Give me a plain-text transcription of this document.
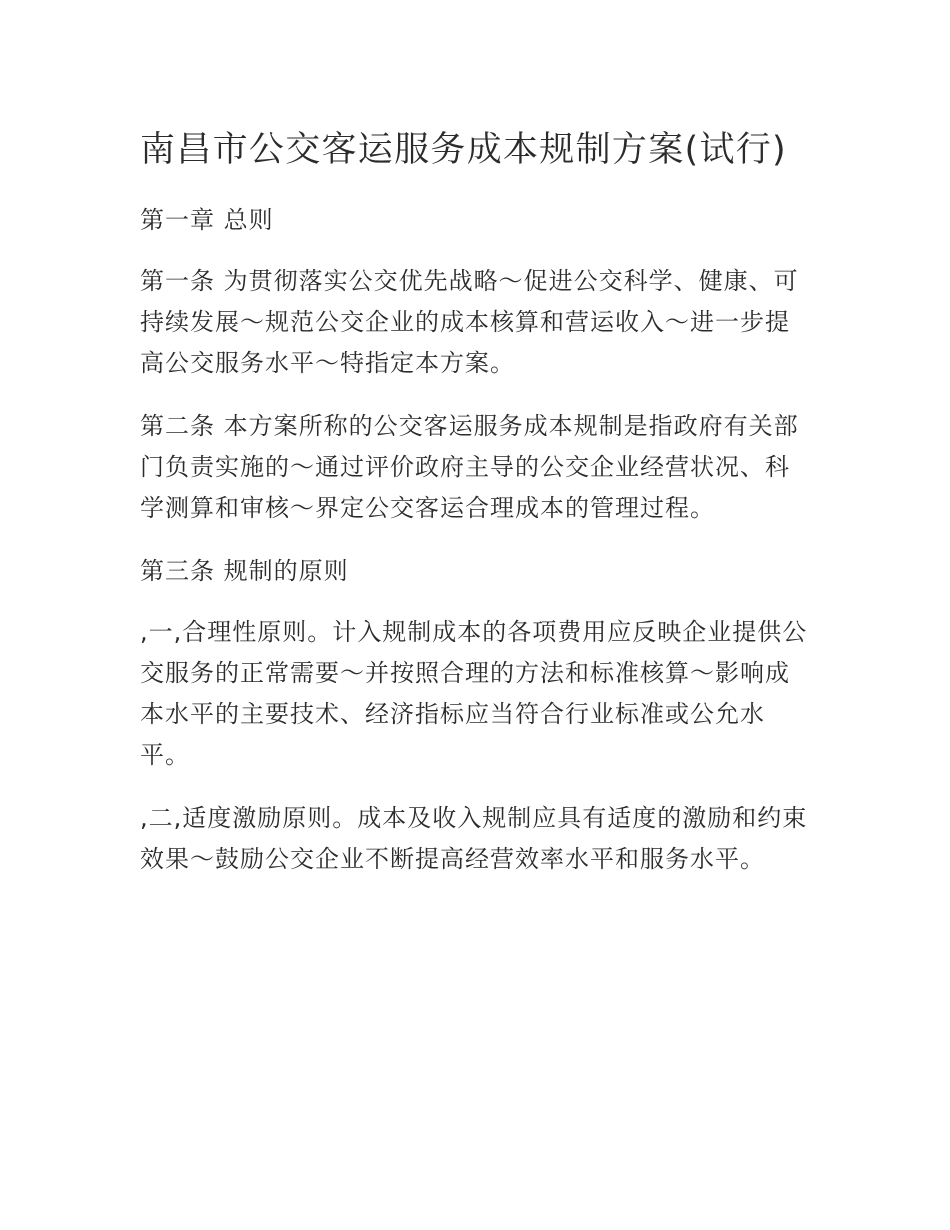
南昌市公交客运服务成本规制方案(试行)

第一章 总则

第一条 为贯彻落实公交优先战略～促进公交科学、健康、可持续发展～规范公交企业的成本核算和营运收入～进一步提高公交服务水平～特指定本方案。

第二条 本方案所称的公交客运服务成本规制是指政府有关部门负责实施的～通过评价政府主导的公交企业经营状况、科学测算和审核～界定公交客运合理成本的管理过程。

第三条 规制的原则

,一,合理性原则。计入规制成本的各项费用应反映企业提供公交服务的正常需要～并按照合理的方法和标准核算～影响成本水平的主要技术、经济指标应当符合行业标准或公允水平。

,二,适度激励原则。成本及收入规制应具有适度的激励和约束效果～鼓励公交企业不断提高经营效率水平和服务水平。
